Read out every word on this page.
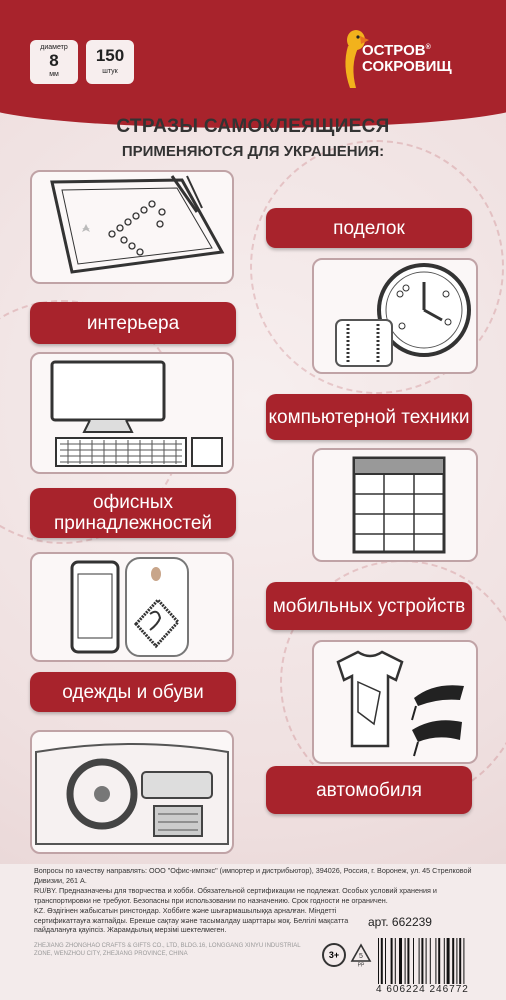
диаметр
8
мм
150
штук
ОСТРОВ®
СОКРОВИЩ
СТРАЗЫ САМОКЛЕЯЩИЕСЯ
ПРИМЕНЯЮТСЯ ДЛЯ УКРАШЕНИЯ:
поделок
интерьера
компьютерной техники
офисных принадлежностей
мобильных устройств
одежды и обуви
автомобиля
Вопросы по качеству направлять: ООО "Офис-импэкс" (импортер и дистрибьютор), 394026, Россия, г. Воронеж, ул. 45 Стрелковой Дивизии, 261 А.
RU/BY. Предназначены для творчества и хобби. Обязательной сертификации не подлежат. Особых условий хранения и транспортировки не требуют. Безопасны при использовании по назначению. Срок годности не ограничен.
KZ. Өздігінен жабысатын ринстондар. Хоббиге және шығармашылыққа арналған. Міндетті сертификаттауға жатпайды. Ерекше сақтау және тасымалдау шарттары жоқ. Белгілі мақсатта пайдалануға қауіпсіз. Жарамдылық мерзімі шектелмеген.
ZHEJIANG ZHONGHAO CRAFTS & GIFTS CO., LTD, BLDG.16, LONGGANG XINYU INDUSTRIAL ZONE, WENZHOU CITY, ZHEJIANG PROVINCE, CHINA
арт. 662239
3+	5
PP
4 606224 246772
